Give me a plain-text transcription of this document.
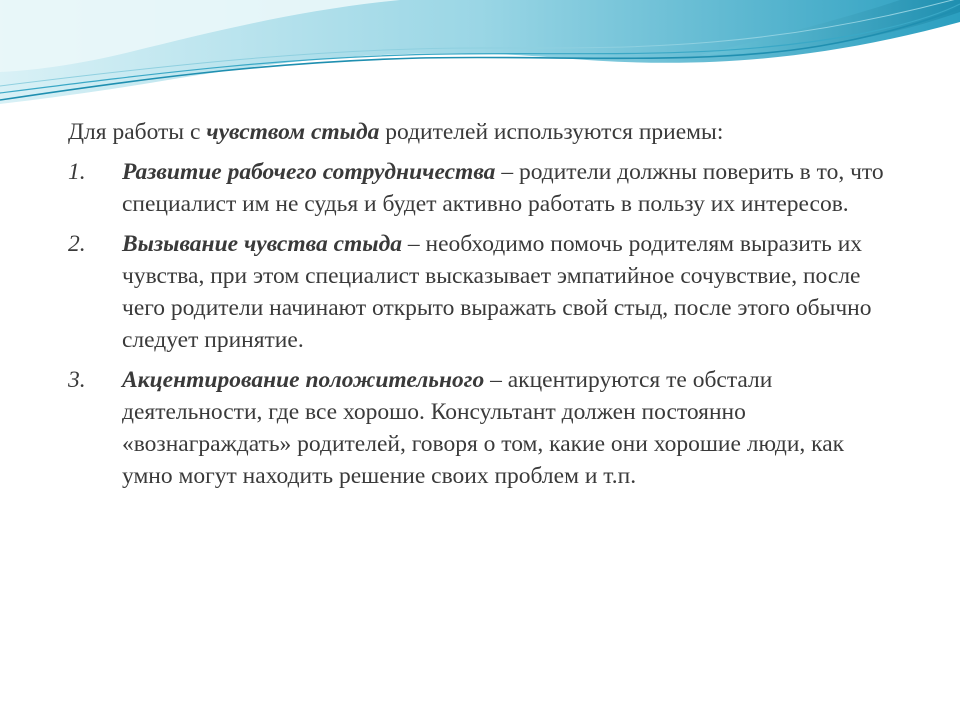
Для работы с чувством стыда родителей используются приемы:

1. Развитие рабочего сотрудничества – родители должны поверить в то, что специалист им не судья и будет активно работать в пользу их интересов.
2. Вызывание чувства стыда – необходимо помочь родителям выразить их чувства, при этом специалист высказывает эмпатийное сочувствие, после чего родители начинают открыто выражать свой стыд, после этого обычно следует принятие.
3. Акцентирование положительного – акцентируются те обстали деятельности, где все хорошо. Консультант должен постоянно «вознаграждать» родителей, говоря о том, какие они хорошие люди, как умно могут находить решение своих проблем и т.п.
